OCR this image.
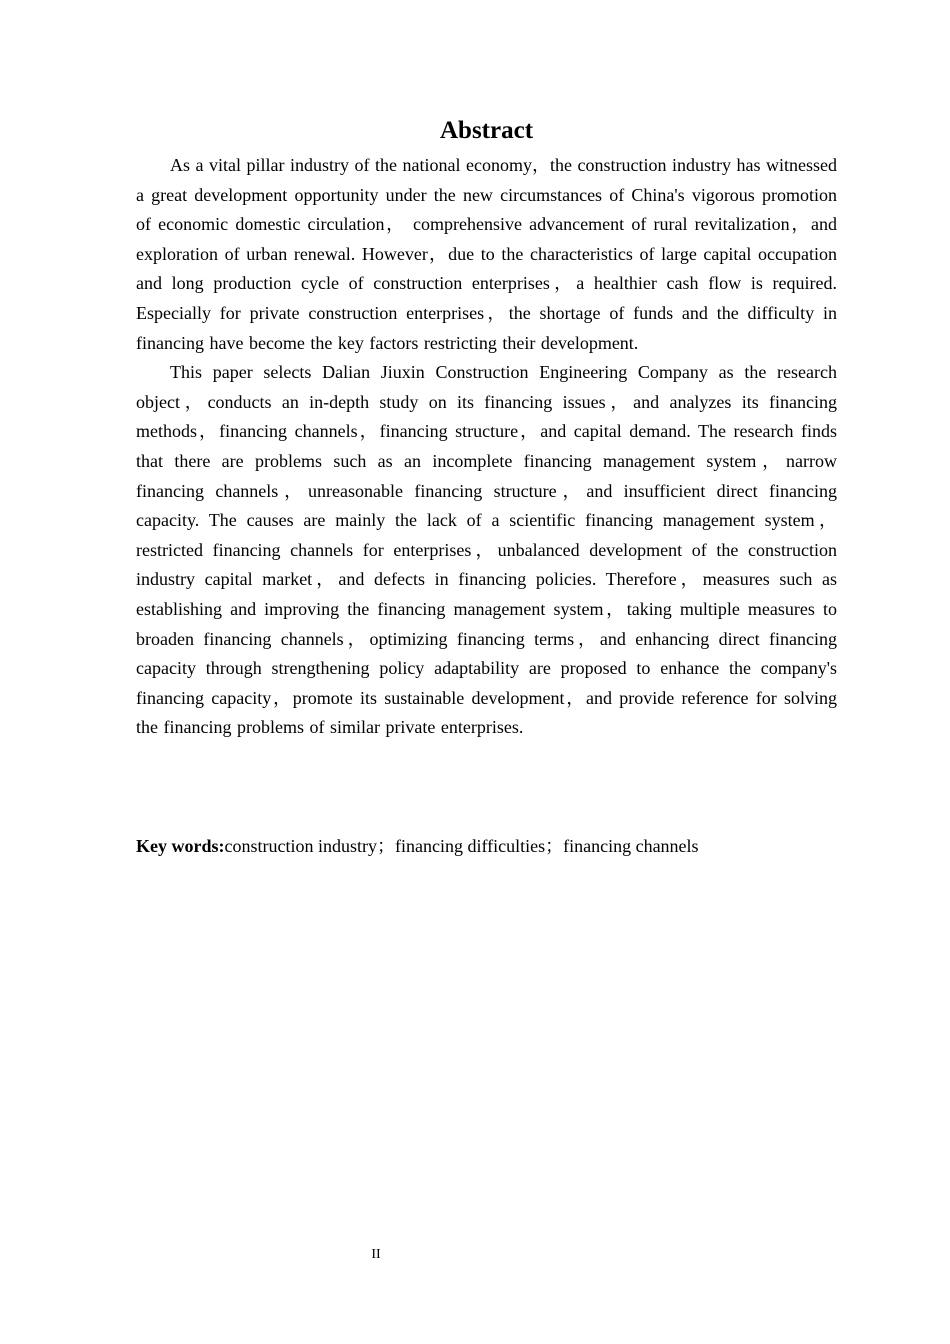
Abstract

As a vital pillar industry of the national economy，the construction industry has witnessed a great development opportunity under the new circumstances of China's vigorous promotion of economic domestic circulation， comprehensive advancement of rural revitalization，and exploration of urban renewal. However，due to the characteristics of large capital occupation and long production cycle of construction enterprises，a healthier cash flow is required. Especially for private construction enterprises，the shortage of funds and the difficulty in financing have become the key factors restricting their development.

This paper selects Dalian Jiuxin Construction Engineering Company as the research object，conducts an in-depth study on its financing issues，and analyzes its financing methods，financing channels，financing structure，and capital demand. The research finds that there are problems such as an incomplete financing management system，narrow financing channels，unreasonable financing structure，and insufficient direct financing capacity. The causes are mainly the lack of a scientific financing management system，restricted financing channels for enterprises，unbalanced development of the construction industry capital market，and defects in financing policies. Therefore，measures such as establishing and improving the financing management system，taking multiple measures to broaden financing channels，optimizing financing terms，and enhancing direct financing capacity through strengthening policy adaptability are proposed to enhance the company's financing capacity，promote its sustainable development，and provide reference for solving the financing problems of similar private enterprises.

Key words:construction industry；financing difficulties；financing channels
II
